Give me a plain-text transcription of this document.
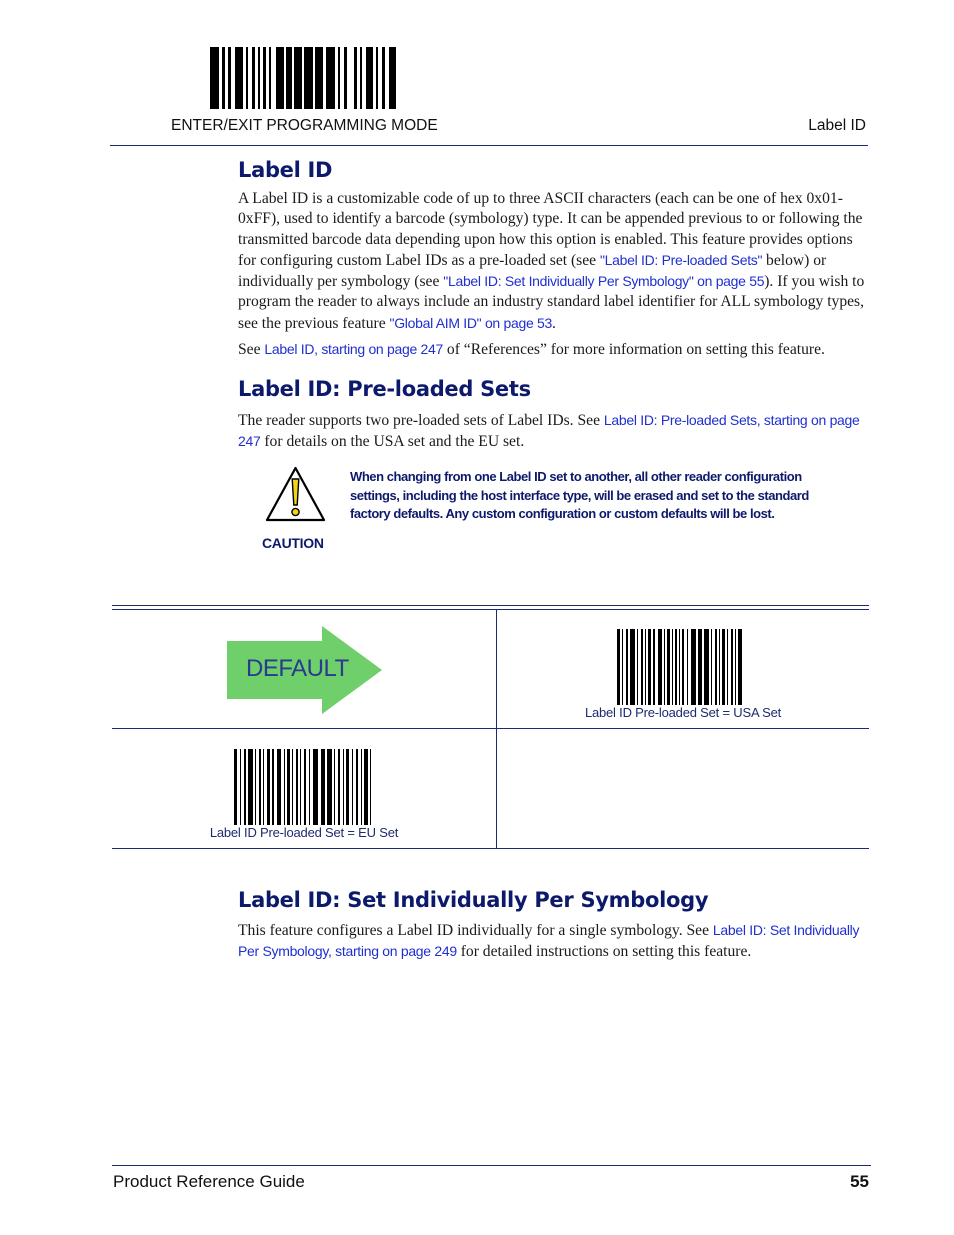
ENTER/EXIT PROGRAMMING MODE	Label ID
Label ID

A Label ID is a customizable code of up to three ASCII characters (each can be one of hex 0x01-0xFF), used to identify a barcode (symbology) type. It can be appended previous to or following the transmitted barcode data depending upon how this option is enabled. This feature provides options for configuring custom Label IDs as a pre-loaded set (see "Label ID: Pre-loaded Sets" below) or individually per symbology (see "Label ID: Set Individually Per Symbology" on page 55). If you wish to program the reader to always include an industry standard label identifier for ALL symbology types, see the previous feature "Global AIM ID" on page 53.

See Label ID, starting on page 247 of “References” for more information on setting this feature.

Label ID: Pre-loaded Sets

The reader supports two pre-loaded sets of Label IDs. See Label ID: Pre-loaded Sets, starting on page 247 for details on the USA set and the EU set.

CAUTION
When changing from one Label ID set to another, all other reader configuration settings, including the host interface type, will be erased and set to the standard factory defaults. Any custom configuration or custom defaults will be lost.
DEFAULT
Label ID Pre-loaded Set = USA Set
Label ID Pre-loaded Set = EU Set
Label ID: Set Individually Per Symbology

This feature configures a Label ID individually for a single symbology. See Label ID: Set Individually Per Symbology, starting on page 249 for detailed instructions on setting this feature.

Product Reference Guide	55
